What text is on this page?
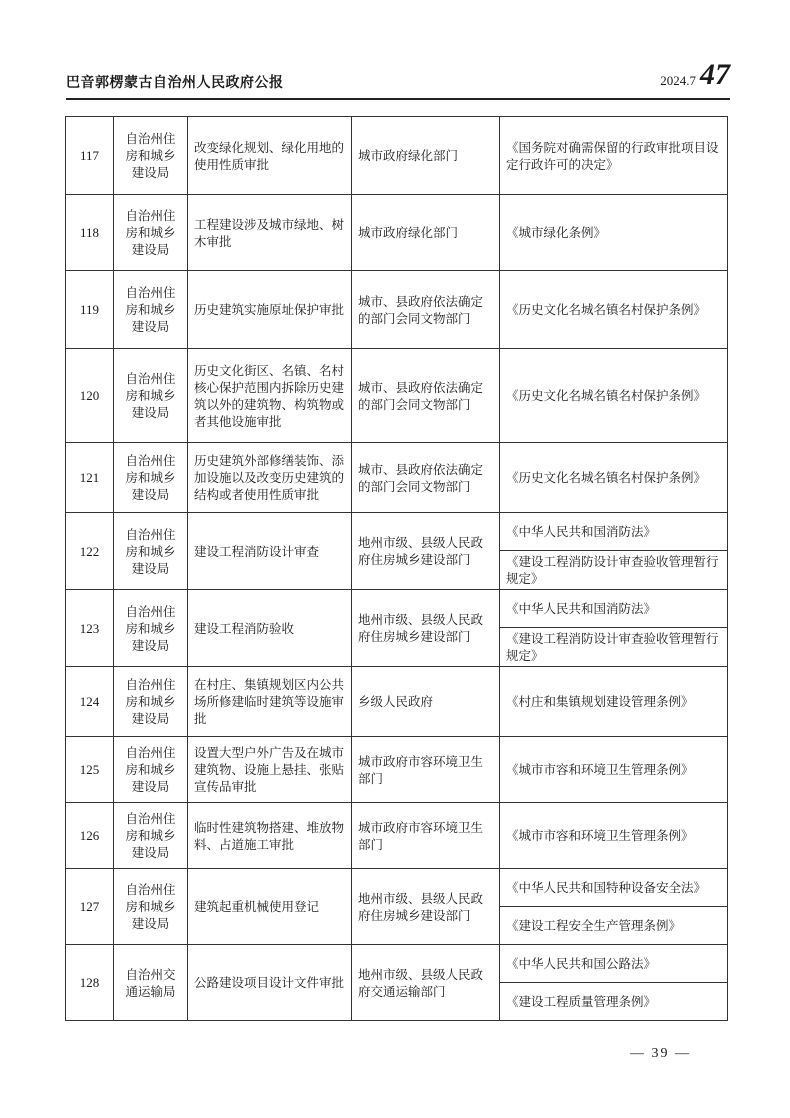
巴音郭楞蒙古自治州人民政府公报	2024.7 47
117	自治州住房和城乡建设局	改变绿化规划、绿化用地的使用性质审批	城市政府绿化部门	《国务院对确需保留的行政审批项目设定行政许可的决定》
118	自治州住房和城乡建设局	工程建设涉及城市绿地、树木审批	城市政府绿化部门	《城市绿化条例》
119	自治州住房和城乡建设局	历史建筑实施原址保护审批	城市、县政府依法确定的部门会同文物部门	《历史文化名城名镇名村保护条例》
120	自治州住房和城乡建设局	历史文化街区、名镇、名村核心保护范围内拆除历史建筑以外的建筑物、构筑物或者其他设施审批	城市、县政府依法确定的部门会同文物部门	《历史文化名城名镇名村保护条例》
121	自治州住房和城乡建设局	历史建筑外部修缮装饰、添加设施以及改变历史建筑的结构或者使用性质审批	城市、县政府依法确定的部门会同文物部门	《历史文化名城名镇名村保护条例》
122	自治州住房和城乡建设局	建设工程消防设计审查	地州市级、县级人民政府住房城乡建设部门	《中华人民共和国消防法》
				《建设工程消防设计审查验收管理暂行规定》
123	自治州住房和城乡建设局	建设工程消防验收	地州市级、县级人民政府住房城乡建设部门	《中华人民共和国消防法》
				《建设工程消防设计审查验收管理暂行规定》
124	自治州住房和城乡建设局	在村庄、集镇规划区内公共场所修建临时建筑等设施审批	乡级人民政府	《村庄和集镇规划建设管理条例》
125	自治州住房和城乡建设局	设置大型户外广告及在城市建筑物、设施上悬挂、张贴宣传品审批	城市政府市容环境卫生部门	《城市市容和环境卫生管理条例》
126	自治州住房和城乡建设局	临时性建筑物搭建、堆放物料、占道施工审批	城市政府市容环境卫生部门	《城市市容和环境卫生管理条例》
127	自治州住房和城乡建设局	建筑起重机械使用登记	地州市级、县级人民政府住房城乡建设部门	《中华人民共和国特种设备安全法》
				《建设工程安全生产管理条例》
128	自治州交通运输局	公路建设项目设计文件审批	地州市级、县级人民政府交通运输部门	《中华人民共和国公路法》
				《建设工程质量管理条例》
— 39 —
